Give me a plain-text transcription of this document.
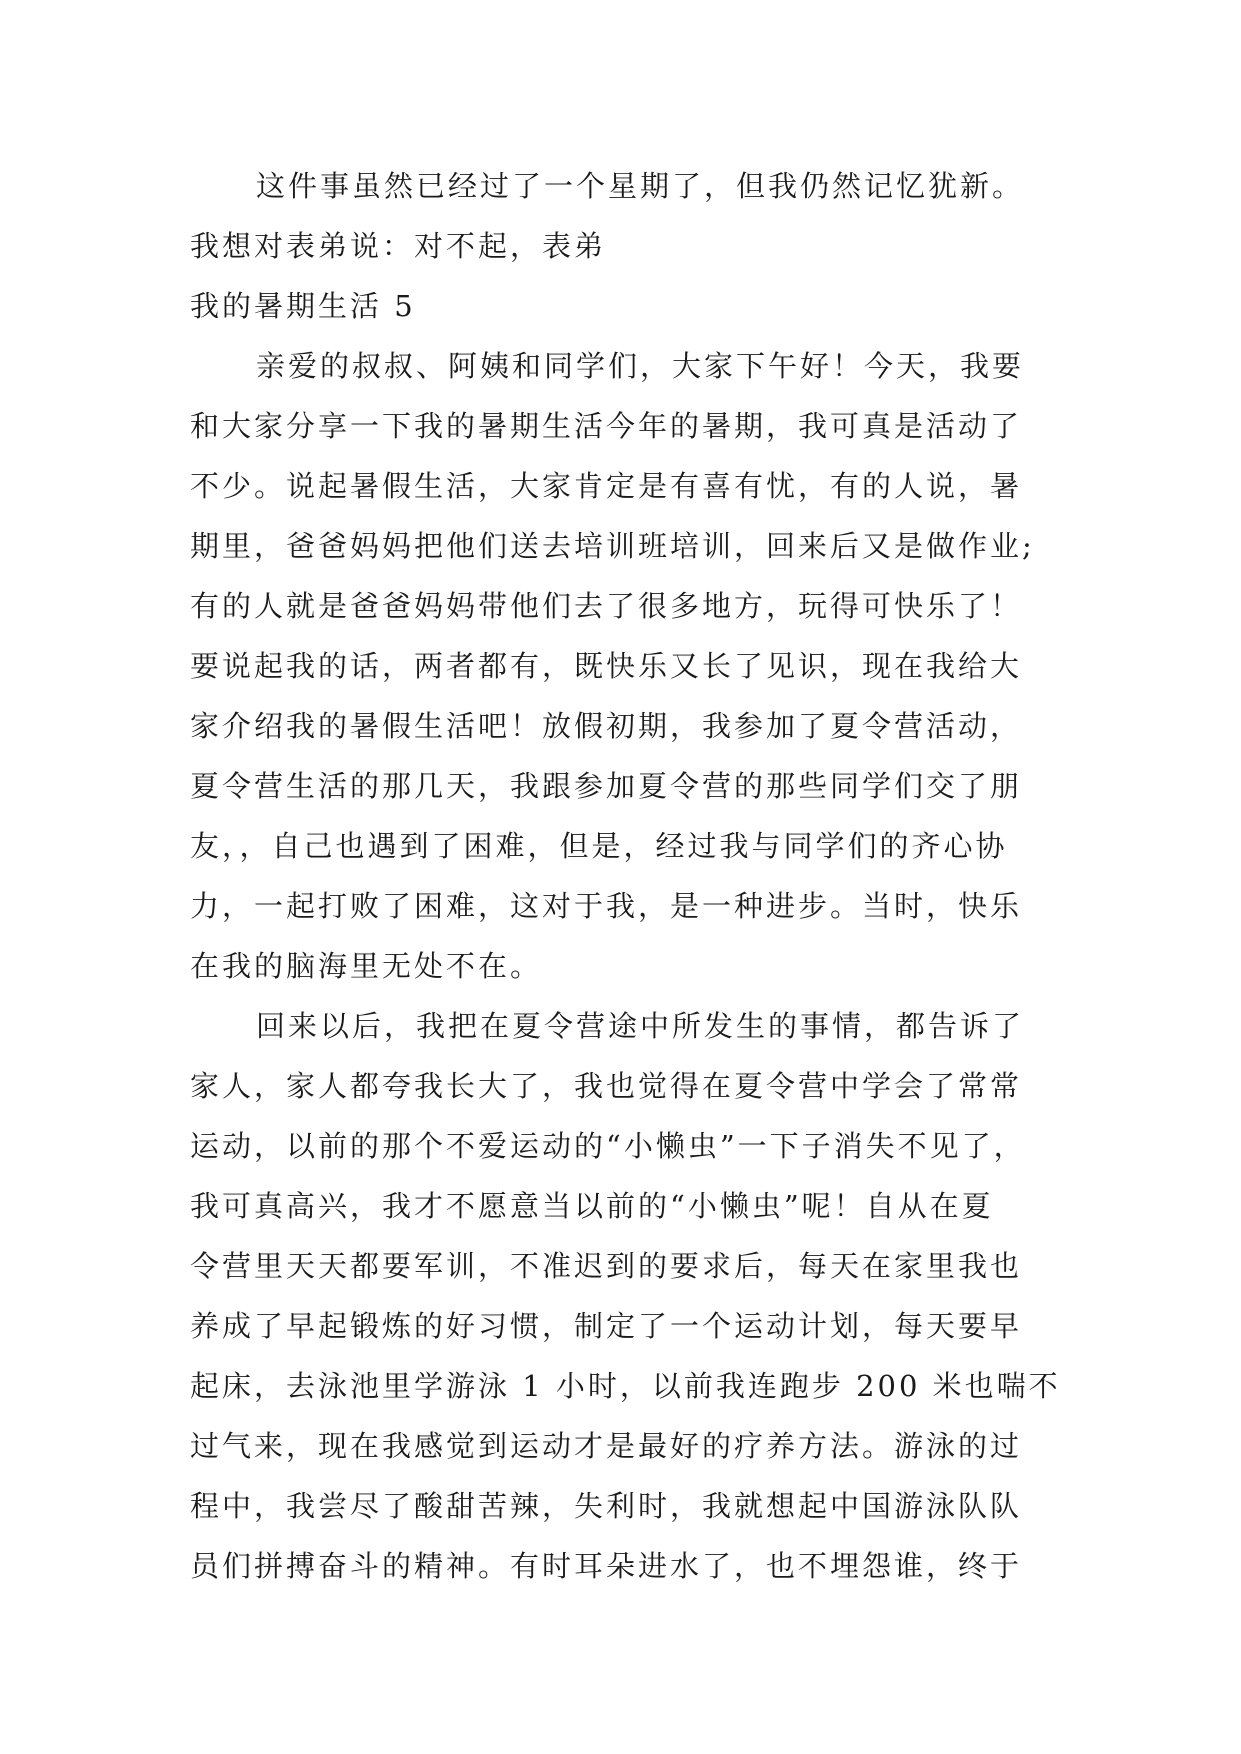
这件事虽然已经过了一个星期了，但我仍然记忆犹新。
我想对表弟说：对不起，表弟
我的暑期生活 5
亲爱的叔叔、阿姨和同学们，大家下午好！今天，我要
和大家分享一下我的暑期生活今年的暑期，我可真是活动了
不少。说起暑假生活，大家肯定是有喜有忧，有的人说，暑
期里，爸爸妈妈把他们送去培训班培训，回来后又是做作业;
有的人就是爸爸妈妈带他们去了很多地方，玩得可快乐了！
要说起我的话，两者都有，既快乐又长了见识，现在我给大
家介绍我的暑假生活吧！放假初期，我参加了夏令营活动，
夏令营生活的那几天，我跟参加夏令营的那些同学们交了朋
友，，自己也遇到了困难，但是，经过我与同学们的齐心协
力，一起打败了困难，这对于我，是一种进步。当时，快乐
在我的脑海里无处不在。
回来以后，我把在夏令营途中所发生的事情，都告诉了
家人，家人都夸我长大了，我也觉得在夏令营中学会了常常
运动，以前的那个不爱运动的“小懒虫”一下子消失不见了，
我可真高兴，我才不愿意当以前的“小懒虫”呢！自从在夏
令营里天天都要军训，不准迟到的要求后，每天在家里我也
养成了早起锻炼的好习惯，制定了一个运动计划，每天要早
起床，去泳池里学游泳 1 小时，以前我连跑步 200 米也喘不
过气来，现在我感觉到运动才是最好的疗养方法。游泳的过
程中，我尝尽了酸甜苦辣，失利时，我就想起中国游泳队队
员们拼搏奋斗的精神。有时耳朵进水了，也不埋怨谁，终于
